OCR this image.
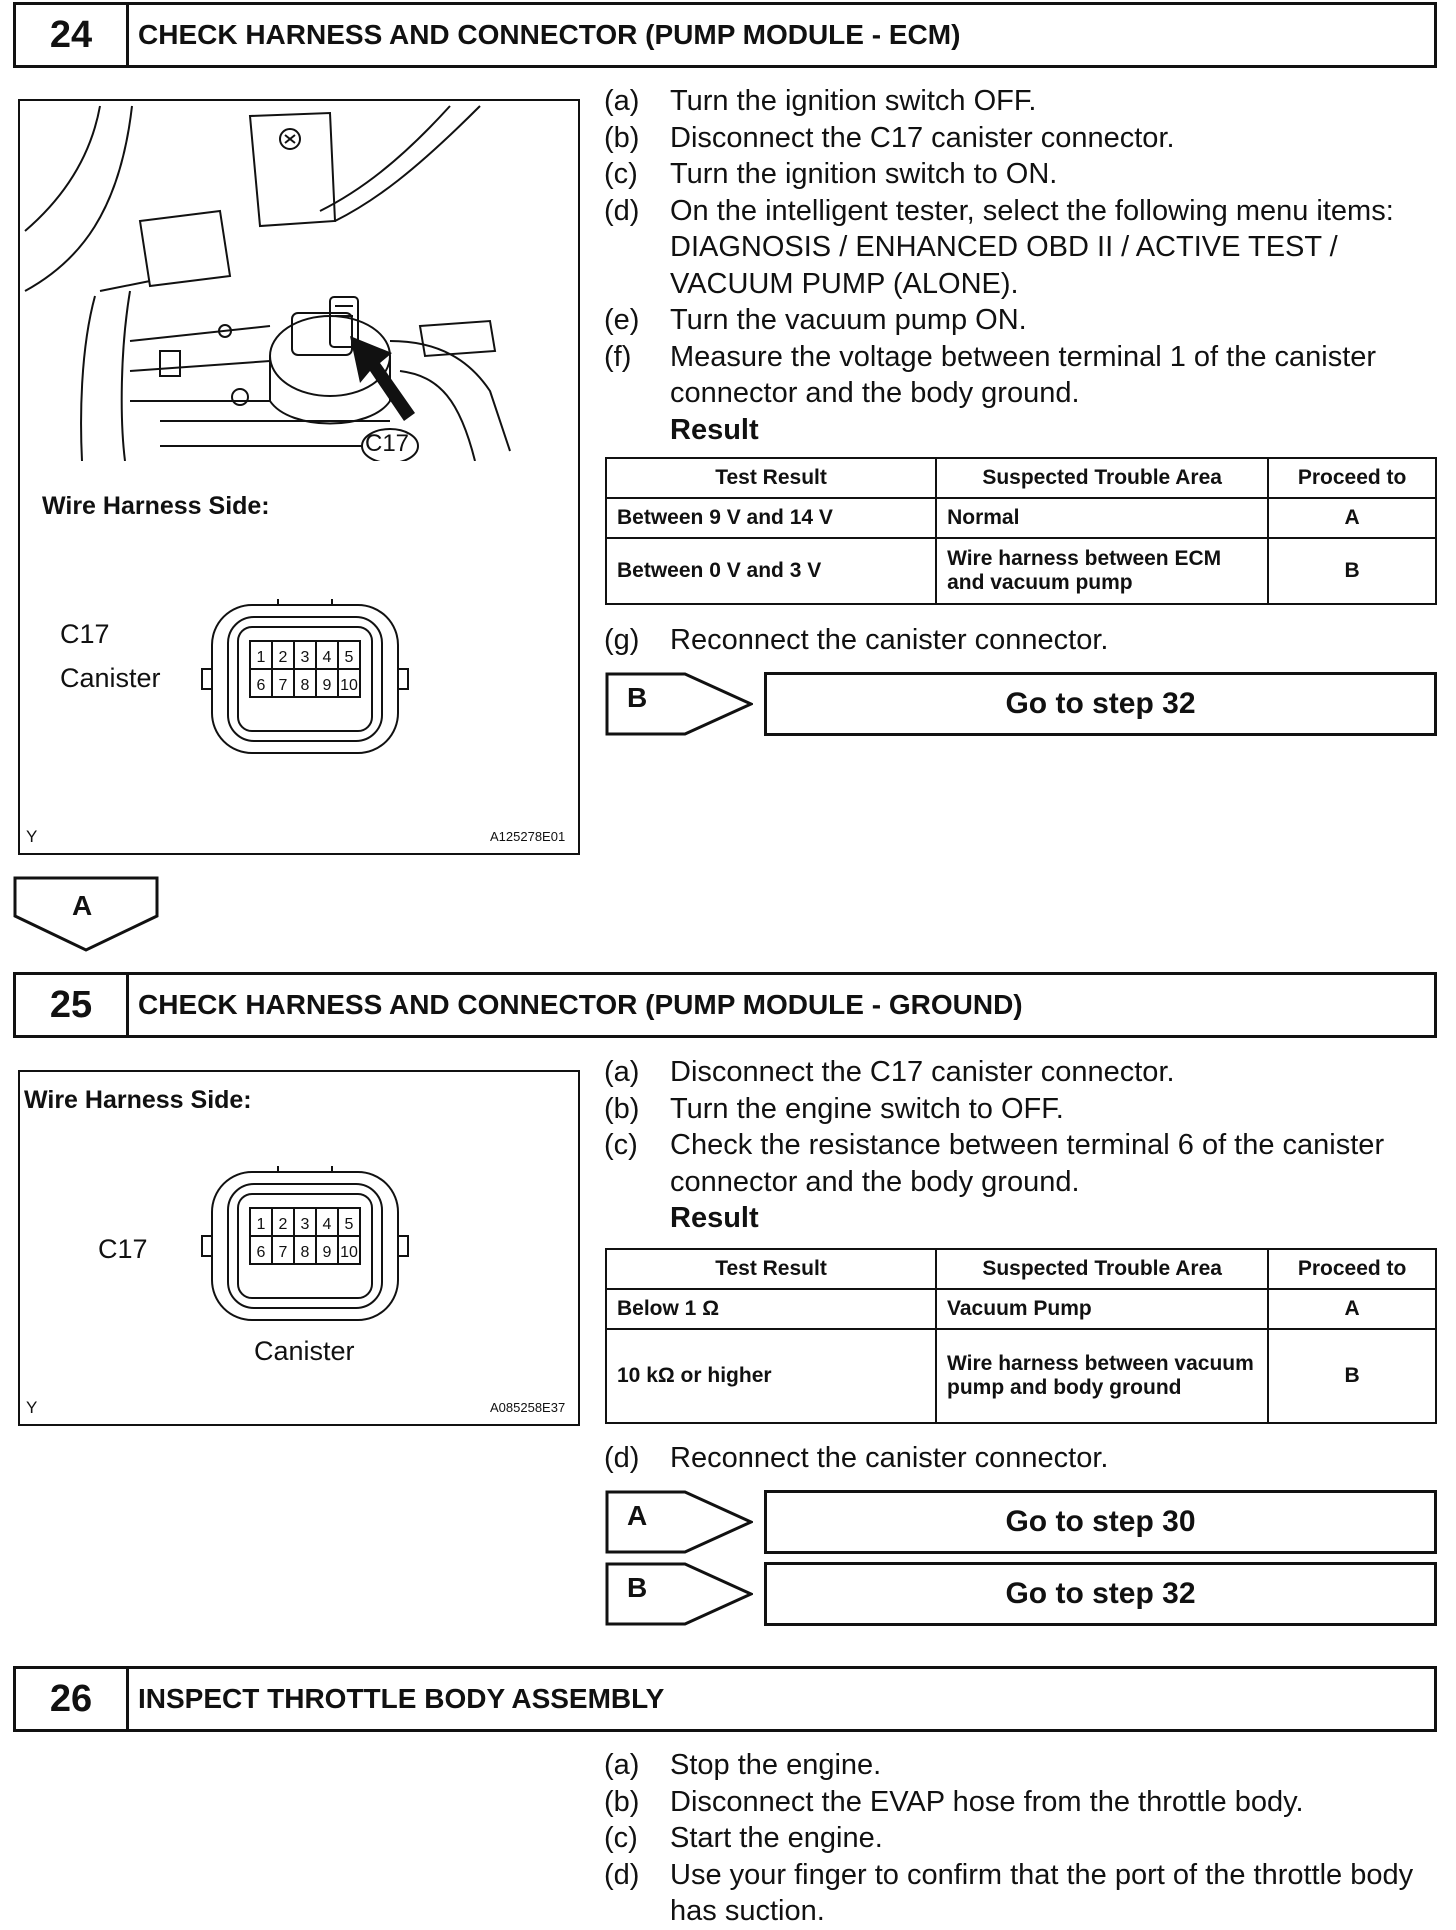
24	CHECK HARNESS AND CONNECTOR (PUMP MODULE - ECM)
C17
Wire Harness Side:
C17
Canister
1 2 3 4 5
6 7 8 9 10
Y	A125278E01
(a)	Turn the ignition switch OFF.
(b)	Disconnect the C17 canister connector.
(c)	Turn the ignition switch to ON.
(d)	On the intelligent tester, select the following menu items: DIAGNOSIS / ENHANCED OBD II / ACTIVE TEST / VACUUM PUMP (ALONE).
(e)	Turn the vacuum pump ON.
(f)	Measure the voltage between terminal 1 of the canister connector and the body ground.
Result
Test Result	Suspected Trouble Area	Proceed to
Between 9 V and 14 V	Normal	A
Between 0 V and 3 V	Wire harness between ECM and vacuum pump	B
(g)	Reconnect the canister connector.
B	Go to step 32
A
25	CHECK HARNESS AND CONNECTOR (PUMP MODULE - GROUND)
Wire Harness Side:
C17
1 2 3 4 5
6 7 8 9 10
Canister
Y	A085258E37
(a)	Disconnect the C17 canister connector.
(b)	Turn the engine switch to OFF.
(c)	Check the resistance between terminal 6 of the canister connector and the body ground.
Result
Test Result	Suspected Trouble Area	Proceed to
Below 1 Ω	Vacuum Pump	A
10 kΩ or higher	Wire harness between vacuum pump and body ground	B
(d)	Reconnect the canister connector.
A	Go to step 30
B	Go to step 32
26	INSPECT THROTTLE BODY ASSEMBLY
(a)	Stop the engine.
(b)	Disconnect the EVAP hose from the throttle body.
(c)	Start the engine.
(d)	Use your finger to confirm that the port of the throttle body has suction.
